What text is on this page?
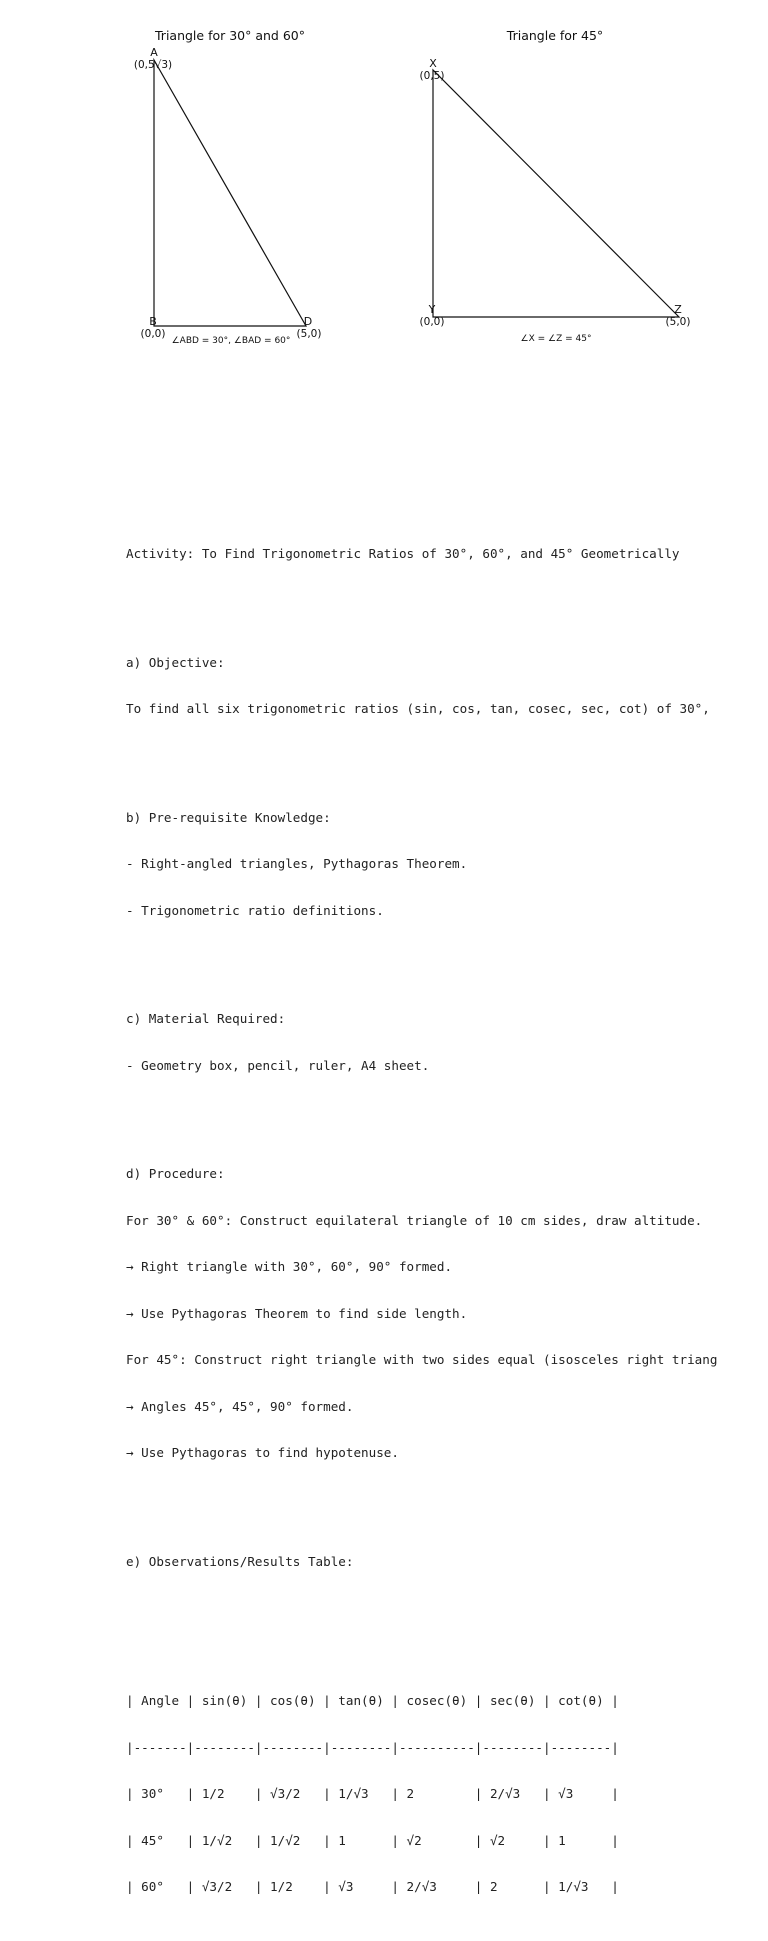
Triangle for 30° and 60°
A
(0,5√3)
B
(0,0)
D
(5,0)
∠ABD = 30°, ∠BAD = 60°
Triangle for 45°
X
(0,5)
Y
(0,0)
Z
(5,0)
∠X = ∠Z = 45°

Activity: To Find Trigonometric Ratios of 30°, 60°, and 45° Geometrically

a) Objective:

To find all six trigonometric ratios (sin, cos, tan, cosec, sec, cot) of 30°,

b) Pre-requisite Knowledge:

- Right-angled triangles, Pythagoras Theorem.

- Trigonometric ratio definitions.

c) Material Required:

- Geometry box, pencil, ruler, A4 sheet.

d) Procedure:

For 30° & 60°: Construct equilateral triangle of 10 cm sides, draw altitude.

→ Right triangle with 30°, 60°, 90° formed.

→ Use Pythagoras Theorem to find side length.

For 45°: Construct right triangle with two sides equal (isosceles right triang

→ Angles 45°, 45°, 90° formed.

→ Use Pythagoras to find hypotenuse.

e) Observations/Results Table:

| Angle | sin(θ) | cos(θ) | tan(θ) | cosec(θ) | sec(θ) | cot(θ) |

|-------|--------|--------|--------|----------|--------|--------|

| 30°   | 1/2    | √3/2   | 1/√3   | 2        | 2/√3   | √3     |

| 45°   | 1/√2   | 1/√2   | 1      | √2       | √2     | 1      |

| 60°   | √3/2   | 1/2    | √3     | 2/√3     | 2      | 1/√3   |
